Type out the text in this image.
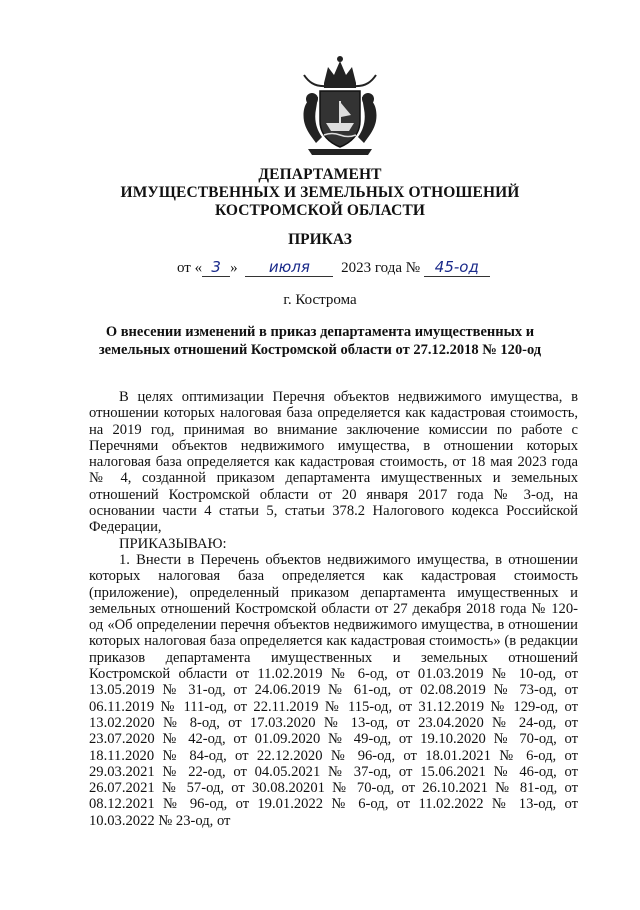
ДЕПАРТАМЕНТ
ИМУЩЕСТВЕННЫХ И ЗЕМЕЛЬНЫХ ОТНОШЕНИЙ
КОСТРОМСКОЙ ОБЛАСТИ
ПРИКАЗ
от « 3 » июля 2023 года № 45-од
г. Кострома
О внесении изменений в приказ департамента имущественных и
земельных отношений Костромской области от 27.12.2018 № 120-од

В целях оптимизации Перечня объектов недвижимого имущества, в отношении которых налоговая база определяется как кадастровая стоимость, на 2019 год, принимая во внимание заключение комиссии по работе с Перечнями объектов недвижимого имущества, в отношении которых налоговая база определяется как кадастровая стоимость, от 18 мая 2023 года № 4, созданной приказом департамента имущественных и земельных отношений Костромской области от 20 января 2017 года № 3-од, на основании части 4 статьи 5, статьи 378.2 Налогового кодекса Российской Федерации,

ПРИКАЗЫВАЮ:

1. Внести в Перечень объектов недвижимого имущества, в отношении которых налоговая база определяется как кадастровая стоимость (приложение), определенный приказом департамента имущественных и земельных отношений Костромской области от 27 декабря 2018 года № 120-од «Об определении перечня объектов недвижимого имущества, в отношении которых налоговая база определяется как кадастровая стоимость» (в редакции приказов департамента имущественных и земельных отношений Костромской области от 11.02.2019 № 6-од, от 01.03.2019 № 10-од, от 13.05.2019 № 31-од, от 24.06.2019 № 61-од, от 02.08.2019 № 73-од, от 06.11.2019 № 111-од, от 22.11.2019 № 115-од, от 31.12.2019 № 129-од, от 13.02.2020 № 8-од, от 17.03.2020 № 13-од, от 23.04.2020 № 24-од, от 23.07.2020 № 42-од, от 01.09.2020 № 49-од, от 19.10.2020 № 70-од, от 18.11.2020 № 84-од, от 22.12.2020 № 96-од, от 18.01.2021 № 6-од, от 29.03.2021 № 22-од, от 04.05.2021 № 37-од, от 15.06.2021 № 46-од, от 26.07.2021 № 57-од, от 30.08.20201 № 70-од, от 26.10.2021 № 81-од, от 08.12.2021 № 96-од, от 19.01.2022 № 6-од, от 11.02.2022 № 13-од, от 10.03.2022 № 23-од, от
